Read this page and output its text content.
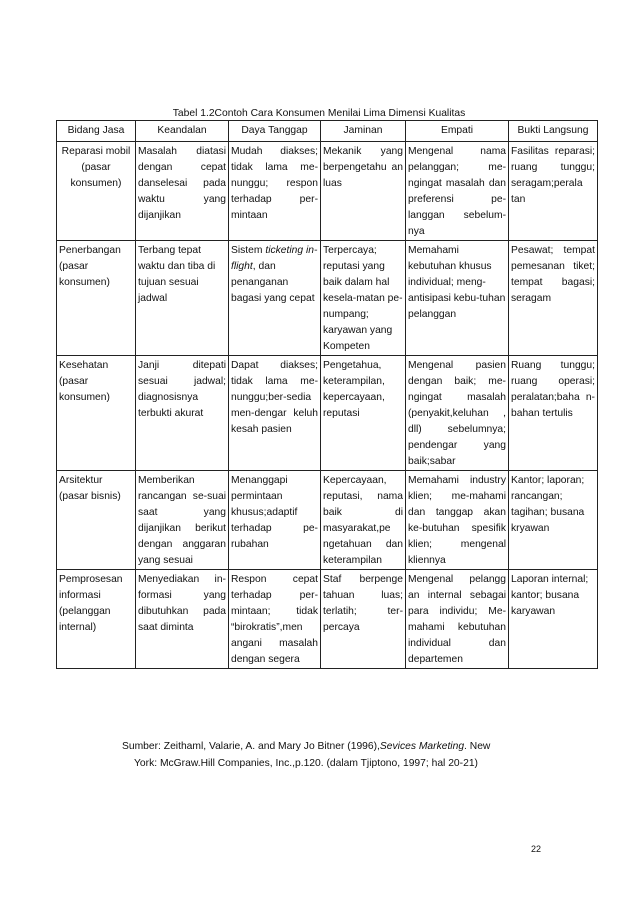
Tabel 1.2Contoh Cara Konsumen Menilai Lima Dimensi Kualitas
Bidang Jasa	Keandalan	Daya Tanggap	Jaminan	Empati	Bukti Langsung
Reparasi mobil (pasar konsumen)	Masalah diatasi dengan cepat danselesai pada waktu yang dijanjikan	Mudah diakses; tidak lama me-nunggu; respon terhadap per-mintaan	Mekanik yang berpengetahu an luas	Mengenal nama pelanggan; me-ngingat masalah dan preferensi pe-langgan sebelum-nya	Fasilitas reparasi; ruang tunggu; seragam;perala tan
Penerbangan (pasar konsumen)	Terbang tepat waktu dan tiba di tujuan sesuai jadwal	Sistem ticketing in-flight, dan penanganan bagasi yang cepat	Terpercaya; reputasi yang baik dalam hal kesela-matan pe-numpang; karyawan yang Kompeten	Memahami kebutuhan khusus individual; meng-antisipasi kebu-tuhan pelanggan	Pesawat; tempat pemesanan tiket; tempat bagasi; seragam
Kesehatan (pasar konsumen)	Janji ditepati sesuai jadwal; diagnosisnya terbukti akurat	Dapat diakses; tidak lama me-nunggu;ber-sedia men-dengar keluh kesah pasien	Pengetahua, keterampilan, kepercayaan, reputasi	Mengenal pasien dengan baik; me-ngingat masalah (penyakit,keluhan , dll) sebelumnya; pendengar yang baik;sabar	Ruang tunggu; ruang operasi; peralatan;baha n-bahan tertulis
Arsitektur (pasar bisnis)	Memberikan rancangan se-suai saat yang dijanjikan berikut dengan anggaran yang sesuai	Menanggapi permintaan khusus;adaptif terhadap pe-rubahan	Kepercayaan, reputasi, nama baik di masyarakat,pe ngetahuan dan keterampilan	Memahami industry klien; me-mahami dan tanggap akan ke-butuhan spesifik klien; mengenal kliennya	Kantor; laporan; rancangan; tagihan; busana kryawan
Pemprosesan informasi (pelanggan internal)	Menyediakan in-formasi yang dibutuhkan pada saat diminta	Respon cepat terhadap per-mintaan; tidak “birokratis”,men angani masalah dengan segera	Staf berpenge tahuan luas; terlatih; ter-percaya	Mengenal pelangg an internal sebagai para individu; Me-mahami kebutuhan individual dan departemen	Laporan internal; kantor; busana karyawan
Sumber: Zeithaml, Valarie, A. and Mary Jo Bitner (1996),Sevices Marketing. New
York: McGraw.Hill Companies, Inc.,p.120. (dalam Tjiptono, 1997; hal 20-21)
22
